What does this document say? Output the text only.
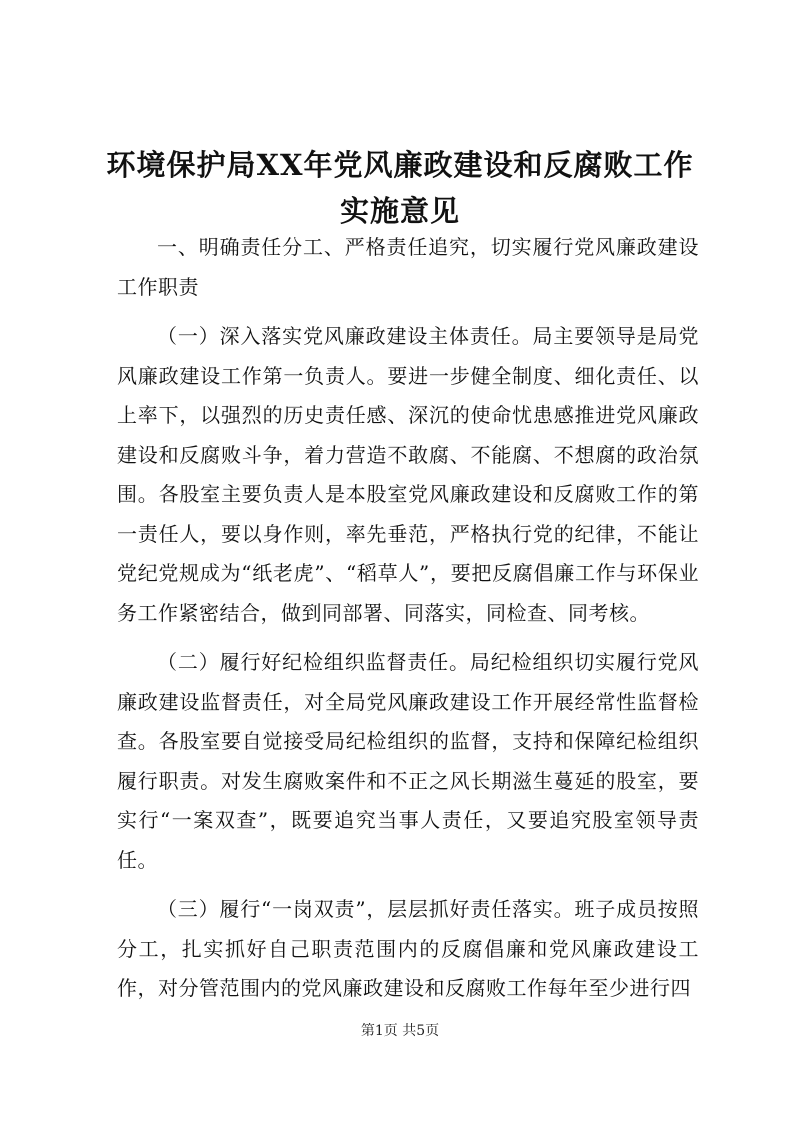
环境保护局XX年党风廉政建设和反腐败工作
实施意见

一、明确责任分工、严格责任追究，切实履行党风廉政建设工作职责

（一）深入落实党风廉政建设主体责任。局主要领导是局党风廉政建设工作第一负责人。要进一步健全制度、细化责任、以上率下，以强烈的历史责任感、深沉的使命忧患感推进党风廉政建设和反腐败斗争，着力营造不敢腐、不能腐、不想腐的政治氛围。各股室主要负责人是本股室党风廉政建设和反腐败工作的第一责任人，要以身作则，率先垂范，严格执行党的纪律，不能让党纪党规成为“纸老虎”、“稻草人”，要把反腐倡廉工作与环保业务工作紧密结合，做到同部署、同落实，同检查、同考核。

（二）履行好纪检组织监督责任。局纪检组织切实履行党风廉政建设监督责任，对全局党风廉政建设工作开展经常性监督检查。各股室要自觉接受局纪检组织的监督，支持和保障纪检组织履行职责。对发生腐败案件和不正之风长期滋生蔓延的股室，要实行“一案双查”，既要追究当事人责任，又要追究股室领导责任。

（三）履行“一岗双责”，层层抓好责任落实。班子成员按照分工，扎实抓好自己职责范围内的反腐倡廉和党风廉政建设工作，对分管范围内的党风廉政建设和反腐败工作每年至少进行四

第1页 共5页
